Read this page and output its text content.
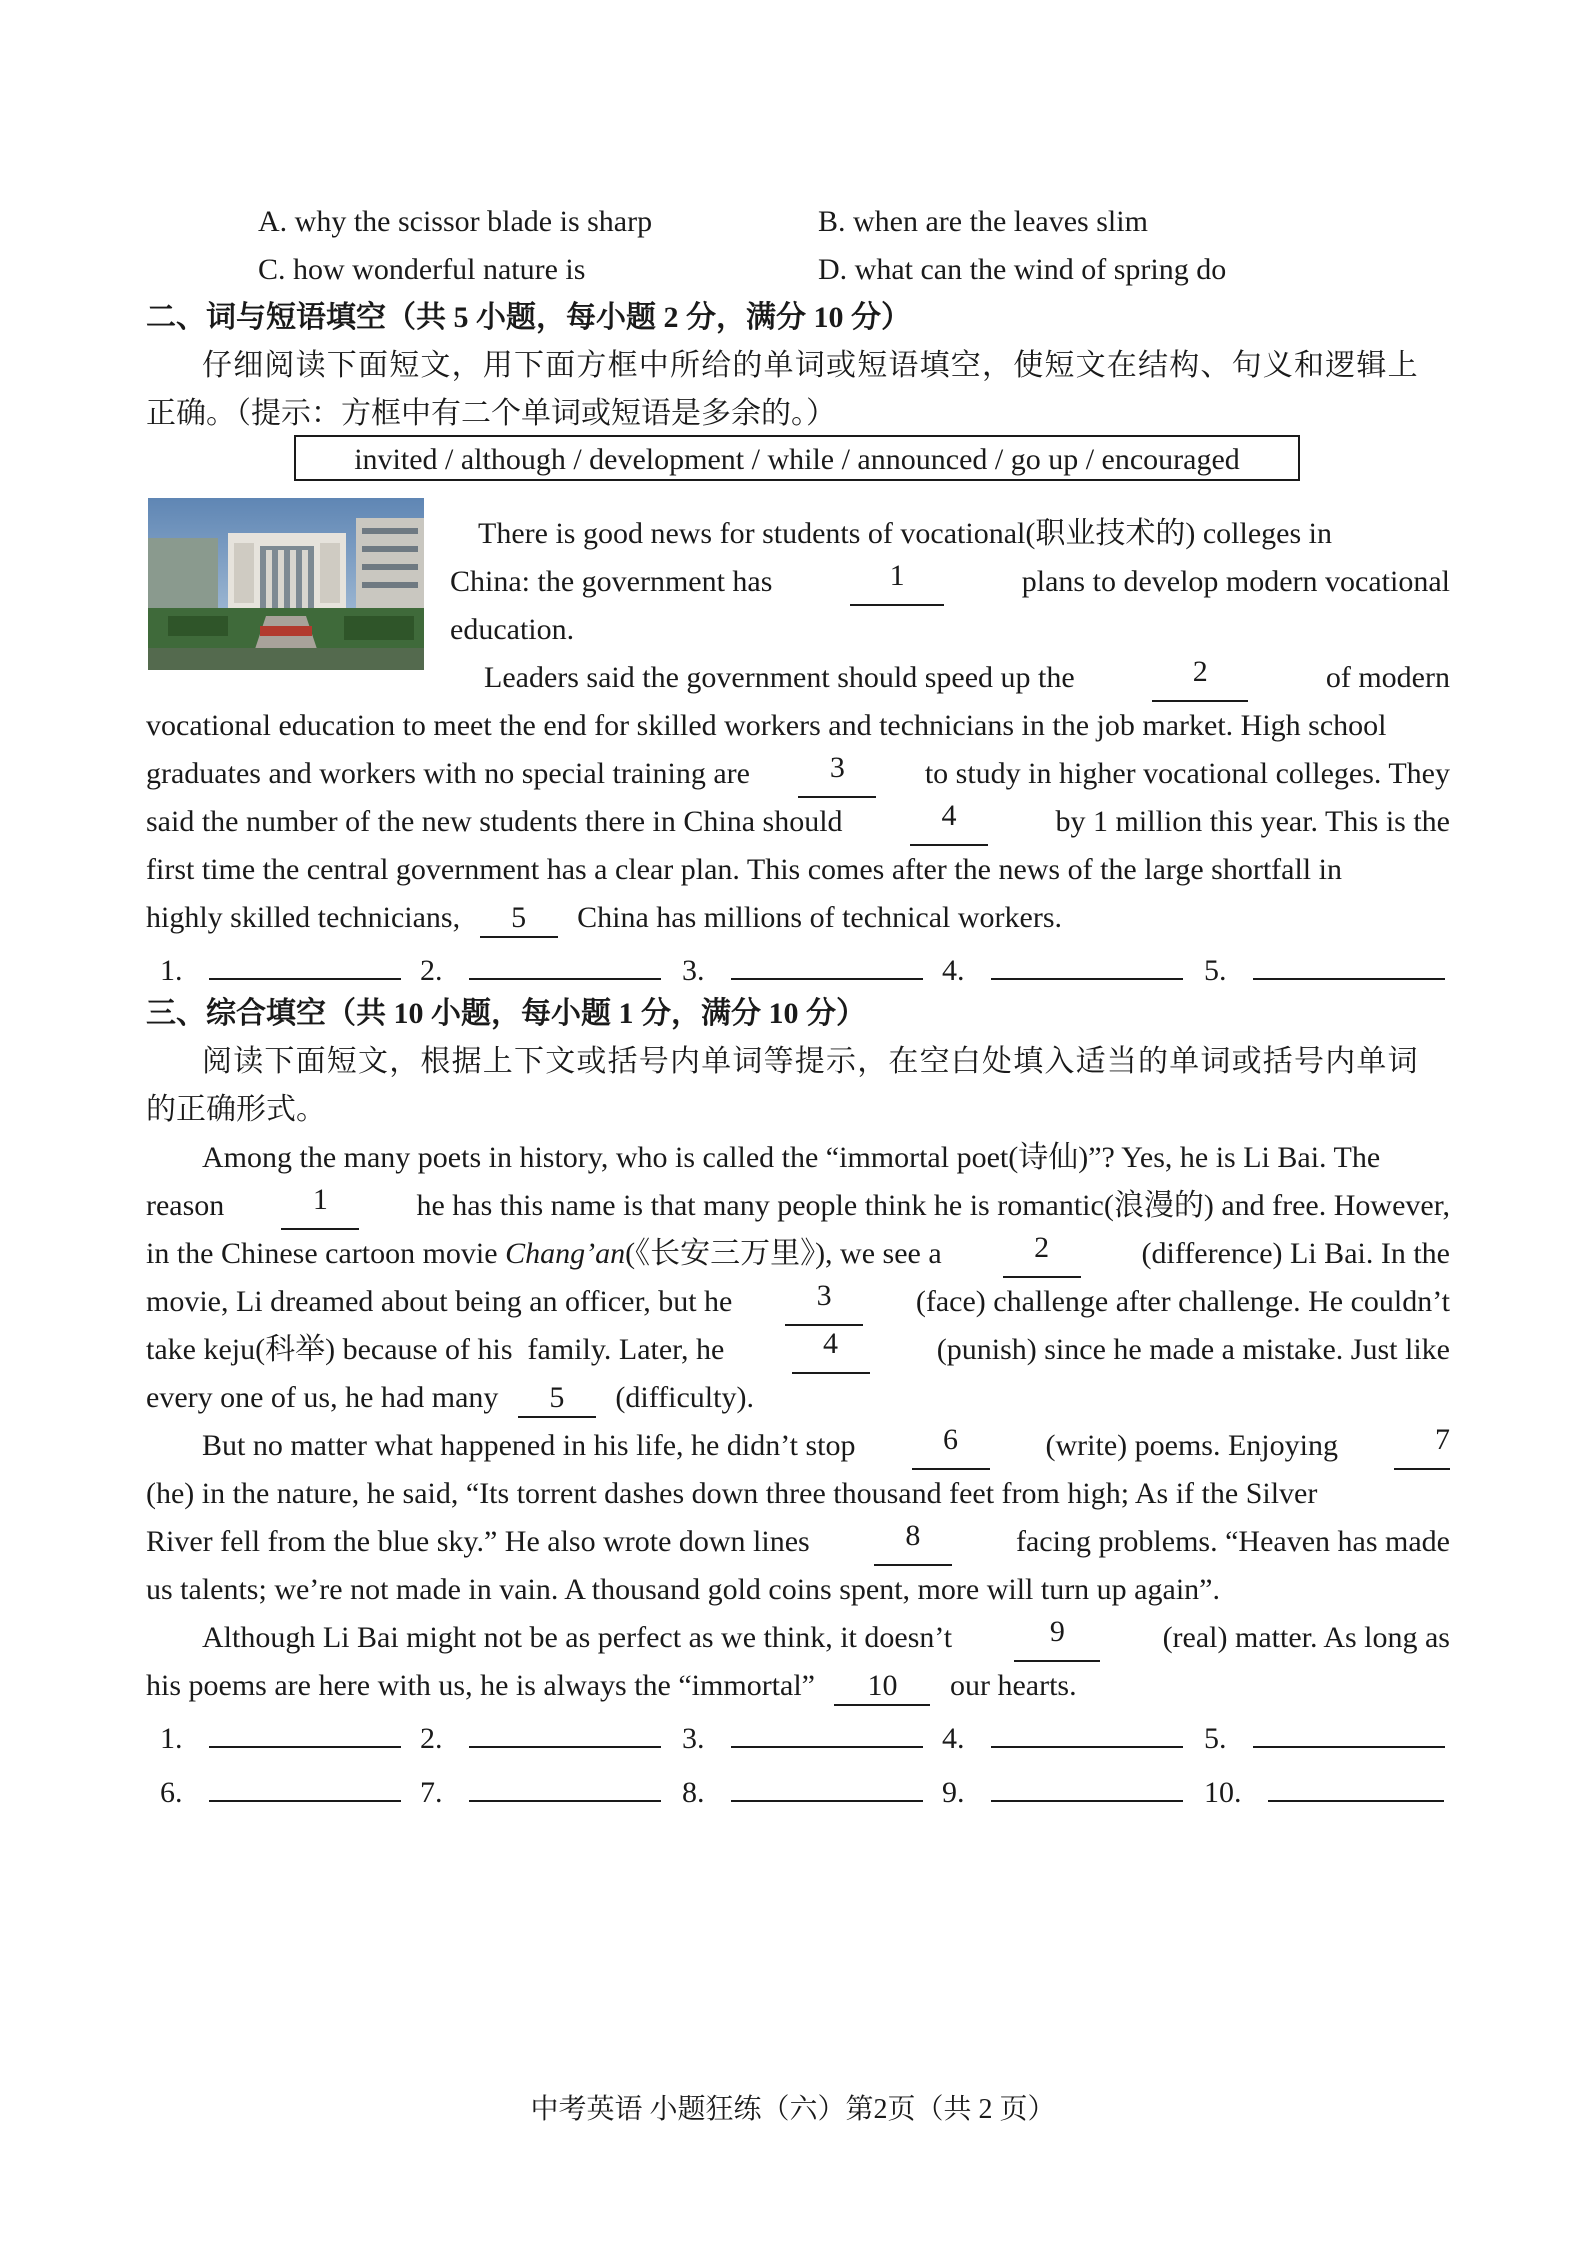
A. why the scissor blade is sharp	B. when are the leaves slim
C. how wonderful nature is	D. what can the wind of spring do
二、词与短语填空（共 5 小题，每小题 2 分，满分 10 分）
仔细阅读下面短文，用下面方框中所给的单词或短语填空，使短文在结构、句义和逻辑上
正确。（提示：方框中有二个单词或短语是多余的。）
invited / although / development / while / announced / go up / encouraged
There is good news for students of vocational(职业技术的) colleges in
China: the government has	1	plans to develop modern vocational
education.
Leaders said the government should speed up the	2	of modern
vocational education to meet the end for skilled workers and technicians in the job market. High school
graduates and workers with no special training are	3	to study in higher vocational colleges. They
said the number of the new students there in China should	4	by 1 million this year. This is the
first time the central government has a clear plan. This comes after the news of the large shortfall in
highly skilled technicians, 5 China has millions of technical workers.
1.	2.	3.	4.	5.
三、综合填空（共 10 小题，每小题 1 分，满分 10 分）
阅读下面短文，根据上下文或括号内单词等提示，在空白处填入适当的单词或括号内单词
的正确形式。
Among the many poets in history, who is called the “immortal poet(诗仙)”? Yes, he is Li Bai. The
reason	1	he has this name is that many people think he is romantic(浪漫的) and free. However,
in the Chinese cartoon movie Chang’an(《长安三万里》), we see a	2	(difference) Li Bai. In the
movie, Li dreamed about being an officer, but he	3	(face) challenge after challenge. He couldn’t
take keju(科举) because of his  family. Later, he	4	(punish) since he made a mistake. Just like
every one of us, he had many 5 (difficulty).
But no matter what happened in his life, he didn’t stop	6	(write) poems. Enjoying	7
(he) in the nature, he said, “Its torrent dashes down three thousand feet from high; As if the Silver
River fell from the blue sky.” He also wrote down lines	8	facing problems. “Heaven has made
us talents; we’re not made in vain. A thousand gold coins spent, more will turn up again”.
Although Li Bai might not be as perfect as we think, it doesn’t	9	(real) matter. As long as
his poems are here with us, he is always the “immortal” 10 our hearts.
1.	2.	3.	4.	5.
6.	7.	8.	9.	10.
中考英语 小题狂练（六）第2页（共 2 页）
